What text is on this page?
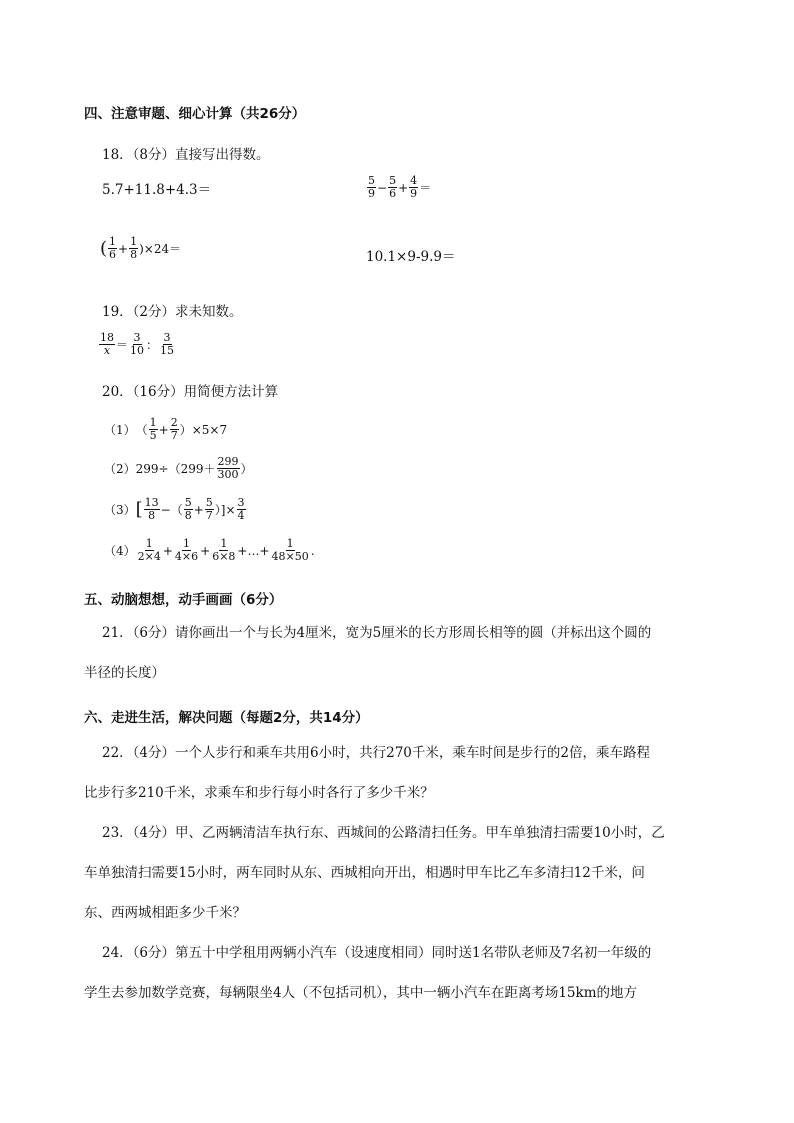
四、注意审题、细心计算（共26分）
18．（8分）直接写出得数。
5.7+11.8+4.3＝	$\frac{5}{9} - \frac{5}{6} + \frac{4}{9}$ ＝
( $\frac{1}{6} + \frac{1}{8} )\times 24=$	10.1×9-9.9＝
19．（2分）求未知数。
$\frac{18}{x} = \frac{3}{10}$ ： $\frac{3}{15}$
20．（16分）用简便方法计算
（1） （ $\frac{1}{5} + \frac{2}{7} )\times 5\times 7$
（2） $299\div(299+ \frac{299}{300}$ ）
（3） [ $\frac{13}{8}$ −（ $\frac{5}{8} + \frac{5}{7}$ ）]× $\frac{3}{4}$
$(4) \frac{1}{2\times 4} + \frac{1}{4\times 6} + \frac{1}{6\times 8}$ +…+ $\frac{1}{48\times 50}$ .
五、动脑想想，动手画画（6分）
21．（6分）请你画出一个与长为4厘米，宽为5厘米的长方形周长相等的圆（并标出这个圆的
半径的长度）
六、走进生活，解决问题（每题2分，共14分）
22．（4分）一个人步行和乘车共用6小时，共行270千米，乘车时间是步行的2倍，乘车路程
比步行多210千米，求乘车和步行每小时各行了多少千米？
23．（4分）甲、乙两辆清洁车执行东、西城间的公路清扫任务。甲车单独清扫需要10小时，乙
车单独清扫需要15小时，两车同时从东、西城相向开出，相遇时甲车比乙车多清扫12千米，问
东、西两城相距多少千米？
24．（6分）第五十中学租用两辆小汽车（设速度相同）同时送1名带队老师及7名初一年级的
学生去参加数学竞赛，每辆限坐4人（不包括司机），其中一辆小汽车在距离考场15km的地方
